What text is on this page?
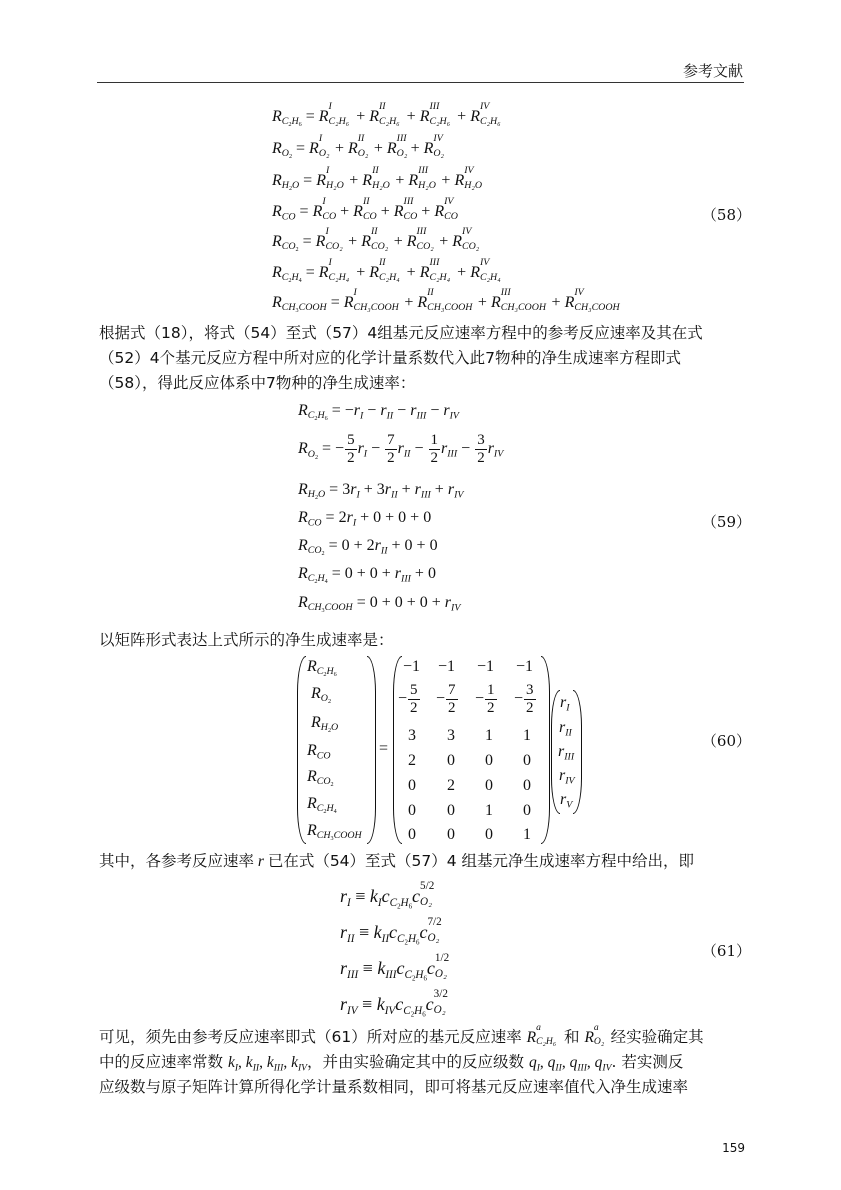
参考文献
$R_{C_2H_6} = R$
I
C₂H₆ + R
II
C₂H₆ + R
III
C₂H₆ + R
IV
C₂H₆
$R_{O_2} = R$
I
O₂ + R
II
O₂ + R
III
O₂ + R
IV
O₂
$R_{H_2O} = R$
I
H₂O + R
II
H₂O + R
III
H₂O + R
IV
H₂O
$R_{CO} = R$
I
CO + R
II
CO + R
III
CO + R
IV
CO
$R_{CO_2} = R$
I
CO₂ + R
II
CO₂ + R
III
CO₂ + R
IV
CO₂
$R_{C_2H_4} = R$
I
C₂H₄ + R
II
C₂H₄ + R
III
C₂H₄ + R
IV
C₂H₄
$R_{CH_3COOH} = R$
I
CH₃COOH + R
II
CH₃COOH + R
III
CH₃COOH + R
IV
CH₃COOH
（58）
根据式（18），将式（54）至式（57）4组基元反应速率方程中的参考反应速率及其在式
（52）4个基元反应方程中所对应的化学计量系数代入此7物种的净生成速率方程即式
（58），得此反应体系中7物种的净生成速率：
$R_{C_2H_6} = -r_I - r_{II} - r_{III} - r_{IV}$
$R_{O_2}$ = − $\frac{5}{2} r_I - \frac{7}{2} r_{II} - \frac{1}{2} r_{III} - \frac{3}{2} r_{IV}$
$R_{H_2O} = 3r_I + 3r_{II} + r_{III} + r_{IV}$
$R_{CO} = 2r_I + 0 + 0 + 0$
$R_{CO_2} = 0 + 2r_{II} + 0 + 0$
$R_{C_2H_4} = 0 + 0 + r_{III} + 0$
$R_{CH_3COOH} = 0 + 0 + 0 + r_{IV}$
（59）
以矩阵形式表达上式所示的净生成速率是：
$R_{C_2H_6}$
$R_{O_2}$
$R_{H_2O}$
$R_{CO}$
$R_{CO_2}$
$R_{C_2H_4}$
$R_{CH_3COOH}$
=
−1 −1 −1 −1
− $\frac{5}{2} - \frac{7}{2} - \frac{1}{2} - \frac{3}{2}$
3 3 1 1
2 0 0 0
0 2 0 0
0 0 1 0
0 0 0 1
$r_I$
$r_{II}$
$r_{III}$
$r_{IV}$
$r_V$
（60）
其中，各参考反应速率 r 已在式（54）至式（57）4 组基元净生成速率方程中给出，即
$r_I \equiv k_Ic_{C_2H_6}c$ 5/2
O₂
$r_{II} \equiv k_{II}c_{C_2H_6}c$ 7/2
O₂
$r_{III} \equiv k_{III}c_{C_2H_6}c$ 1/2
O₂
$r_{IV} \equiv k_{IV}c_{C_2H_6}c$ 3/2
O₂
（61）
可见，须先由参考反应速率即式（61）所对应的基元反应速率 R
a
C₂H₆ 和 R
a
O₂ 经实验确定其
中的反应速率常数 $k_I$, $k_{II}$, $k_{III}$, $k_{IV}$，并由实验确定其中的反应级数 $q_I$, $q_{II}$, $q_{III}$, $q_{IV}$. 若实测反
应级数与原子矩阵计算所得化学计量系数相同，即可将基元反应速率值代入净生成速率
159
